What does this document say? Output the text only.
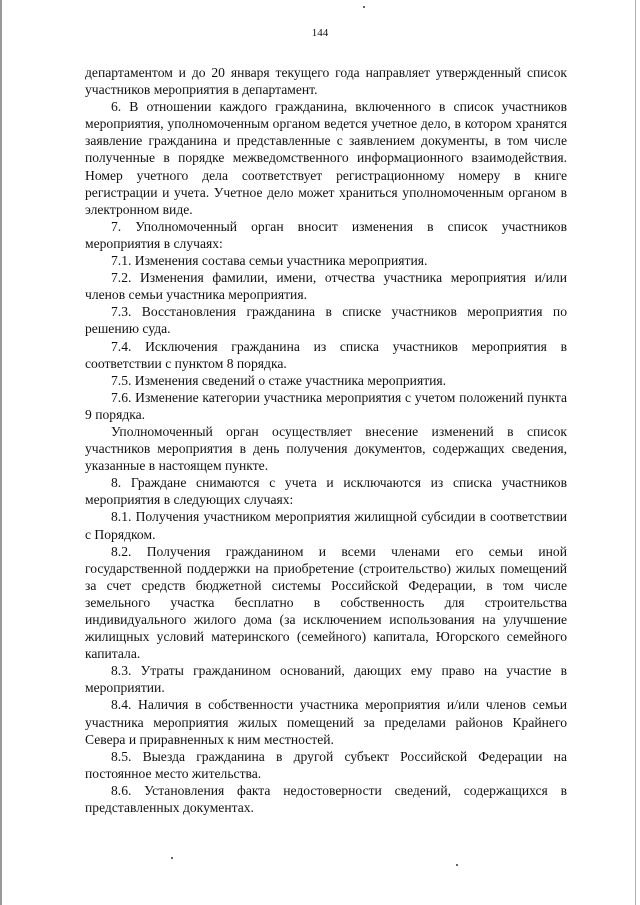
144

департаментом и до 20 января текущего года направляет утвержденный список участников мероприятия в департамент.

6. В отношении каждого гражданина, включенного в список участников мероприятия, уполномоченным органом ведется учетное дело, в котором хранятся заявление гражданина и представленные с заявлением документы, в том числе полученные в порядке межведомственного информационного взаимодействия. Номер учетного дела соответствует регистрационному номеру в книге регистрации и учета. Учетное дело может храниться уполномоченным органом в электронном виде.

7. Уполномоченный орган вносит изменения в список участников мероприятия в случаях:

7.1. Изменения состава семьи участника мероприятия.

7.2. Изменения фамилии, имени, отчества участника мероприятия и/или членов семьи участника мероприятия.

7.3. Восстановления гражданина в списке участников мероприятия по решению суда.

7.4. Исключения гражданина из списка участников мероприятия в соответствии с пунктом 8 порядка.

7.5. Изменения сведений о стаже участника мероприятия.

7.6. Изменение категории участника мероприятия с учетом положений пункта 9 порядка.

Уполномоченный орган осуществляет внесение изменений в список участников мероприятия в день получения документов, содержащих сведения, указанные в настоящем пункте.

8. Граждане снимаются с учета и исключаются из списка участников мероприятия в следующих случаях:

8.1. Получения участником мероприятия жилищной субсидии в соответствии с Порядком.

8.2. Получения гражданином и всеми членами его семьи иной государственной поддержки на приобретение (строительство) жилых помещений за счет средств бюджетной системы Российской Федерации, в том числе земельного участка бесплатно в собственность для строительства индивидуального жилого дома (за исключением использования на улучшение жилищных условий материнского (семейного) капитала, Югорского семейного капитала.

8.3. Утраты гражданином оснований, дающих ему право на участие в мероприятии.

8.4. Наличия в собственности участника мероприятия и/или членов семьи участника мероприятия жилых помещений за пределами районов Крайнего Севера и приравненных к ним местностей.

8.5. Выезда гражданина в другой субъект Российской Федерации на постоянное место жительства.

8.6. Установления факта недостоверности сведений, содержащихся в представленных документах.
